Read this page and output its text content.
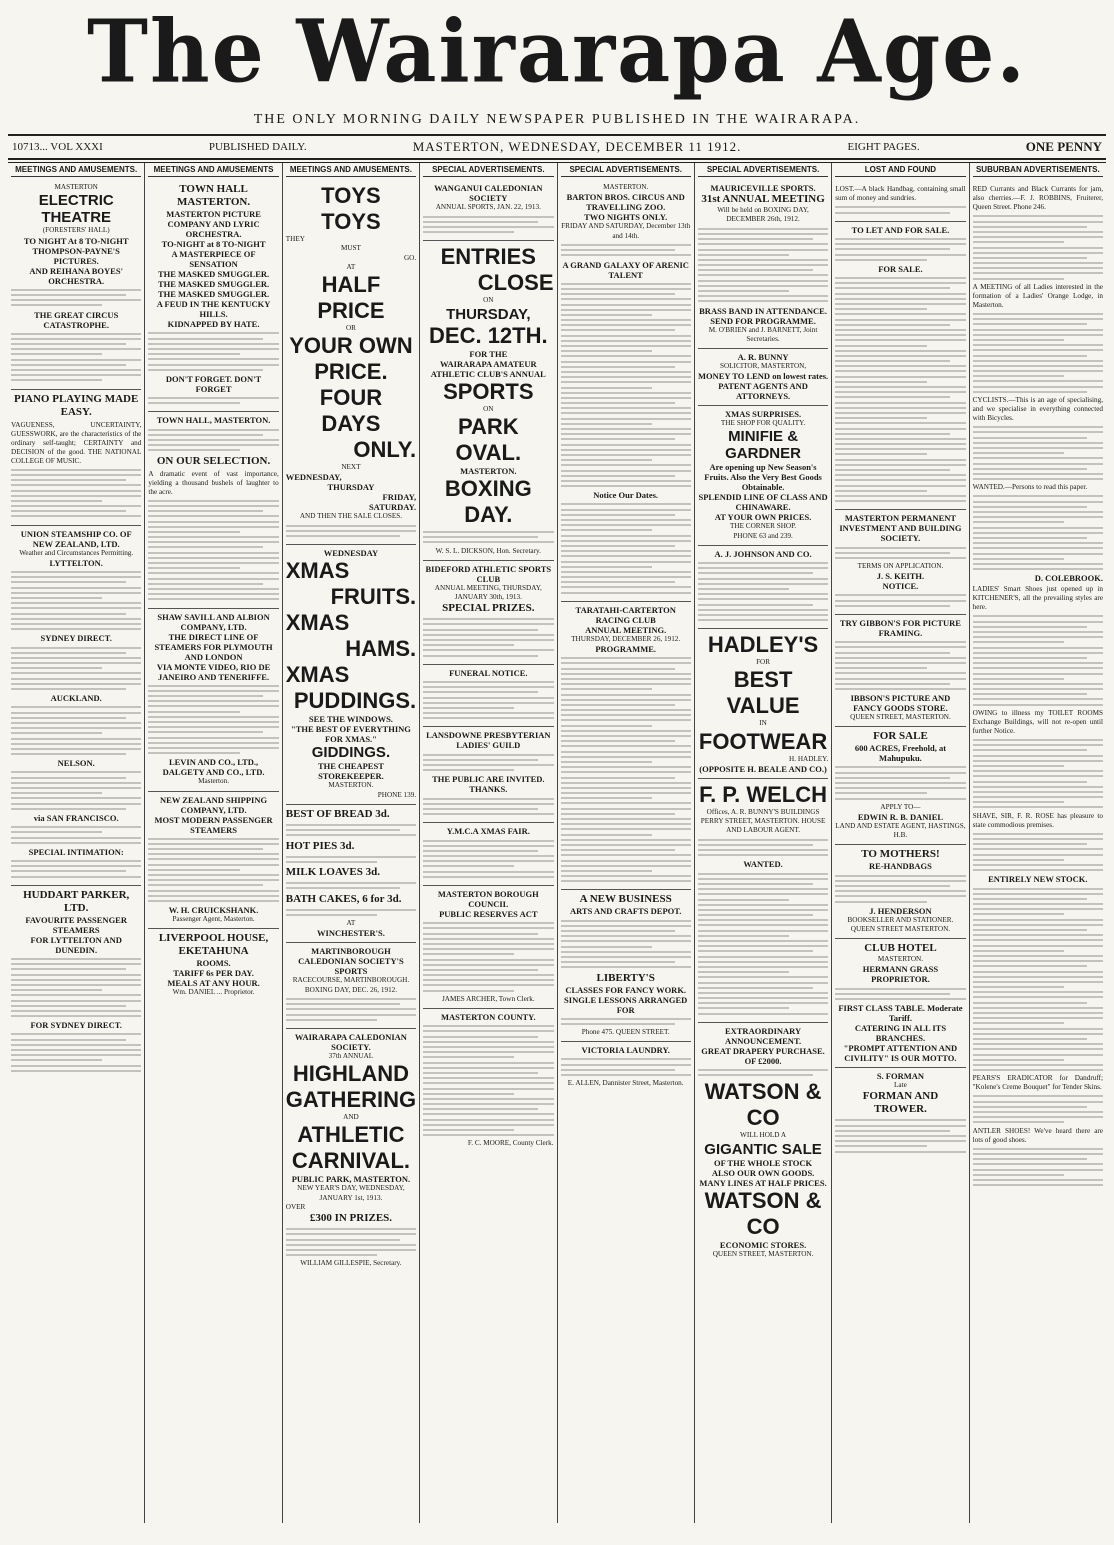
The Wairarapa Age.
THE ONLY MORNING DAILY NEWSPAPER PUBLISHED IN THE WAIRARAPA.
10713... VOL XXXI	PUBLISHED DAILY.	MASTERTON, WEDNESDAY, DECEMBER 11 1912.	EIGHT PAGES.	ONE PENNY
MEETINGS AND AMUSEMENTS.
MASTERTON
ELECTRIC THEATRE
(FORESTERS' HALL)
TO NIGHT At 8 TO-NIGHT
THOMPSON-PAYNE'S PICTURES.
AND REIHANA BOYES' ORCHESTRA.
THE GREAT CIRCUS CATASTROPHE.
PIANO PLAYING MADE EASY.
VAGUENESS, UNCERTAINTY, GUESSWORK, are the characteristics of the ordinary self-taught; CERTAINTY and DECISION of the good. THE NATIONAL COLLEGE OF MUSIC.
UNION STEAMSHIP CO. OF NEW ZEALAND, LTD.
Weather and Circumstances Permitting.
LYTTELTON.
SYDNEY DIRECT.
AUCKLAND.
NELSON.
via SAN FRANCISCO.
SPECIAL INTIMATION:
HUDDART PARKER, LTD.
FAVOURITE PASSENGER STEAMERS
FOR LYTTELTON AND DUNEDIN.
FOR SYDNEY DIRECT.
MEETINGS AND AMUSEMENTS
TOWN HALL MASTERTON.
MASTERTON PICTURE COMPANY AND LYRIC ORCHESTRA.
TO-NIGHT at 8 TO-NIGHT
A MASTERPIECE OF SENSATION
THE MASKED SMUGGLER.
THE MASKED SMUGGLER.
THE MASKED SMUGGLER.
A FEUD IN THE KENTUCKY HILLS.
KIDNAPPED BY HATE.
DON'T FORGET. DON'T FORGET
TOWN HALL, MASTERTON.
ON OUR SELECTION.
A dramatic event of vast importance, yielding a thousand bushels of laughter to the acre.
SHAW SAVILL AND ALBION COMPANY, LTD.
THE DIRECT LINE OF STEAMERS FOR PLYMOUTH AND LONDON
VIA MONTE VIDEO, RIO DE JANEIRO AND TENERIFFE.
LEVIN AND CO., LTD., DALGETY AND CO., LTD.
Masterton.
NEW ZEALAND SHIPPING COMPANY, LTD.
MOST MODERN PASSENGER STEAMERS
W. H. CRUICKSHANK.
Passenger Agent, Masterton.
LIVERPOOL HOUSE, EKETAHUNA
ROOMS.
TARIFF 6s PER DAY.
MEALS AT ANY HOUR.
Wm. DANIEL ... Proprietor.
MEETINGS AND AMUSEMENTS.
TOYS
TOYS
THEY
MUST
GO.
AT
HALF PRICE
OR
YOUR OWN PRICE.
FOUR
DAYS
ONLY.
NEXT
WEDNESDAY,
THURSDAY
FRIDAY,
SATURDAY.
AND THEN THE SALE CLOSES.
WEDNESDAY
XMAS
FRUITS.
XMAS
HAMS.
XMAS
PUDDINGS.
SEE THE WINDOWS.
"THE BEST OF EVERYTHING FOR XMAS."
GIDDINGS.
THE CHEAPEST STOREKEEPER.
MASTERTON.
PHONE 139.
BEST OF BREAD 3d.
HOT PIES 3d.
MILK LOAVES 3d.
BATH CAKES, 6 for 3d.
AT
WINCHESTER'S.
MARTINBOROUGH CALEDONIAN SOCIETY'S SPORTS
RACECOURSE, MARTINBOROUGH.
BOXING DAY, DEC. 26, 1912.
WAIRARAPA CALEDONIAN SOCIETY.
37th ANNUAL
HIGHLAND
GATHERING
AND
ATHLETIC
CARNIVAL.
PUBLIC PARK, MASTERTON.
NEW YEAR'S DAY, WEDNESDAY, JANUARY 1st, 1913.
OVER
£300 IN PRIZES.
WILLIAM GILLESPIE, Secretary.
SPECIAL ADVERTISEMENTS.
WANGANUI CALEDONIAN SOCIETY
ANNUAL SPORTS, JAN. 22, 1913.
ENTRIES
CLOSE
ON
THURSDAY,
DEC. 12TH.
FOR THE
WAIRARAPA AMATEUR ATHLETIC CLUB'S ANNUAL
SPORTS
ON
PARK OVAL.
MASTERTON.
BOXING DAY.
W. S. L. DICKSON, Hon. Secretary.
BIDEFORD ATHLETIC SPORTS CLUB
ANNUAL MEETING, THURSDAY, JANUARY 30th, 1913.
SPECIAL PRIZES.
FUNERAL NOTICE.
LANSDOWNE PRESBYTERIAN LADIES' GUILD
THE PUBLIC ARE INVITED.
THANKS.
Y.M.C.A XMAS FAIR.
MASTERTON BOROUGH COUNCIL
PUBLIC RESERVES ACT
JAMES ARCHER, Town Clerk.
MASTERTON COUNTY.
F. C. MOORE, County Clerk.
SPECIAL ADVERTISEMENTS.
MASTERTON.
BARTON BROS. CIRCUS AND TRAVELLING ZOO.
TWO NIGHTS ONLY.
FRIDAY AND SATURDAY, December 13th and 14th.
A GRAND GALAXY OF ARENIC TALENT
Notice Our Dates.
TARATAHI-CARTERTON RACING CLUB
ANNUAL MEETING.
THURSDAY, DECEMBER 26, 1912.
PROGRAMME.
A NEW BUSINESS
ARTS AND CRAFTS DEPOT.
LIBERTY'S
CLASSES FOR FANCY WORK. SINGLE LESSONS ARRANGED FOR
Phone 475. QUEEN STREET.
VICTORIA LAUNDRY.
E. ALLEN, Dannister Street, Masterton.
SPECIAL ADVERTISEMENTS.
MAURICEVILLE SPORTS.
31st ANNUAL MEETING
Will be held on BOXING DAY, DECEMBER 26th, 1912.
BRASS BAND IN ATTENDANCE. SEND FOR PROGRAMME.
M. O'BRIEN and J. BARNETT, Joint Secretaries.
A. R. BUNNY
SOLICITOR, MASTERTON,
MONEY TO LEND on lowest rates.
PATENT AGENTS AND ATTORNEYS.
XMAS SURPRISES.
THE SHOP FOR QUALITY.
MINIFIE & GARDNER
Are opening up New Season's Fruits. Also the Very Best Goods Obtainable.
SPLENDID LINE OF CLASS AND CHINAWARE.
AT YOUR OWN PRICES.
THE CORNER SHOP.
PHONE 63 and 239.
A. J. JOHNSON AND CO.
HADLEY'S
FOR
BEST VALUE
IN
FOOTWEAR
H. HADLEY.
(OPPOSITE H. BEALE AND CO.)
F. P. WELCH
Offices, A. R. BUNNY'S BUILDINGS PERRY STREET, MASTERTON. HOUSE AND LABOUR AGENT.
WANTED.
EXTRAORDINARY
ANNOUNCEMENT.
GREAT DRAPERY PURCHASE. OF £2000.
WATSON & CO
WILL HOLD A
GIGANTIC SALE
OF THE WHOLE STOCK
ALSO OUR OWN GOODS. MANY LINES AT HALF PRICES.
WATSON & CO
ECONOMIC STORES.
QUEEN STREET, MASTERTON.
LOST AND FOUND
LOST.—A black Handbag, containing small sum of money and sundries.
TO LET AND FOR SALE.
FOR SALE.
MASTERTON PERMANENT INVESTMENT AND BUILDING SOCIETY.
TERMS ON APPLICATION.
J. S. KEITH.
NOTICE.
TRY GIBBON'S FOR PICTURE FRAMING.
IBBSON'S PICTURE AND FANCY GOODS STORE.
QUEEN STREET, MASTERTON.
FOR SALE
600 ACRES, Freehold, at Mahupuku.
APPLY TO—
EDWIN R. B. DANIEL
LAND AND ESTATE AGENT, HASTINGS, H.B.
TO MOTHERS!
RE-HANDBAGS
J. HENDERSON
BOOKSELLER AND STATIONER.
QUEEN STREET MASTERTON.
CLUB HOTEL
MASTERTON.
HERMANN GRASS PROPRIETOR.
FIRST CLASS TABLE. Moderate Tariff.
CATERING IN ALL ITS BRANCHES.
"PROMPT ATTENTION AND CIVILITY" IS OUR MOTTO.
S. FORMAN
Late
FORMAN AND TROWER.
SUBURBAN ADVERTISEMENTS.
RED Currants and Black Currants for jam, also cherries.—F. J. ROBBINS, Fruiterer, Queen Street. Phone 246.
A MEETING of all Ladies interested in the formation of a Ladies' Orange Lodge, in Masterton.
CYCLISTS.—This is an age of specialising, and we specialise in everything connected with Bicycles.
WANTED.—Persons to read this paper.
D. COLEBROOK.
LADIES' Smart Shoes just opened up in KITCHENER'S, all the prevailing styles are here.
OWING to illness my TOILET ROOMS Exchange Buildings, will not re-open until further Notice.
SHAVE, SIR, F. R. ROSE has pleasure to state commodious premises.
ENTIRELY NEW STOCK.
PEARS'S ERADICATOR for Dandruff; "Kolene's Creme Bouquet" for Tender Skins.
ANTLER SHOES! We've heard there are lots of good shoes.
